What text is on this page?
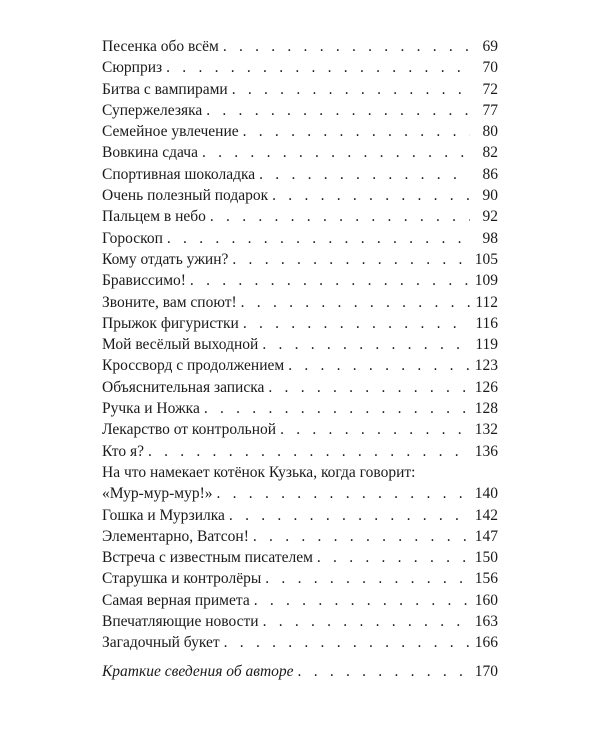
Песенка обо всём . . .	69
Сюрприз . . .	70
Битва с вампирами . . .	72
Супержелезяка . . .	77
Семейное увлечение . . .	80
Вовкина сдача . . .	82
Спортивная шоколадка . . .	86
Очень полезный подарок . . .	90
Пальцем в небо . . .	92
Гороскоп . . .	98
Кому отдать ужин? . . .	105
Брависсимо! . . .	109
Звоните, вам споют! . . .	112
Прыжок фигуристки . . .	116
Мой весёлый выходной . . .	119
Кроссворд с продолжением . . .	123
Объяснительная записка . . .	126
Ручка и Ножка . . .	128
Лекарство от контрольной . . .	132
Кто я? . . .	136
На что намекает котёнок Кузька, когда говорит:
«Мур-мур-мур!» . . .	140
Гошка и Мурзилка . . .	142
Элементарно, Ватсон! . . .	147
Встреча с известным писателем . . .	150
Старушка и контролёры . . .	156
Самая верная примета . . .	160
Впечатляющие новости . . .	163
Загадочный букет . . .	166
Краткие сведения об авторе . . .	170
